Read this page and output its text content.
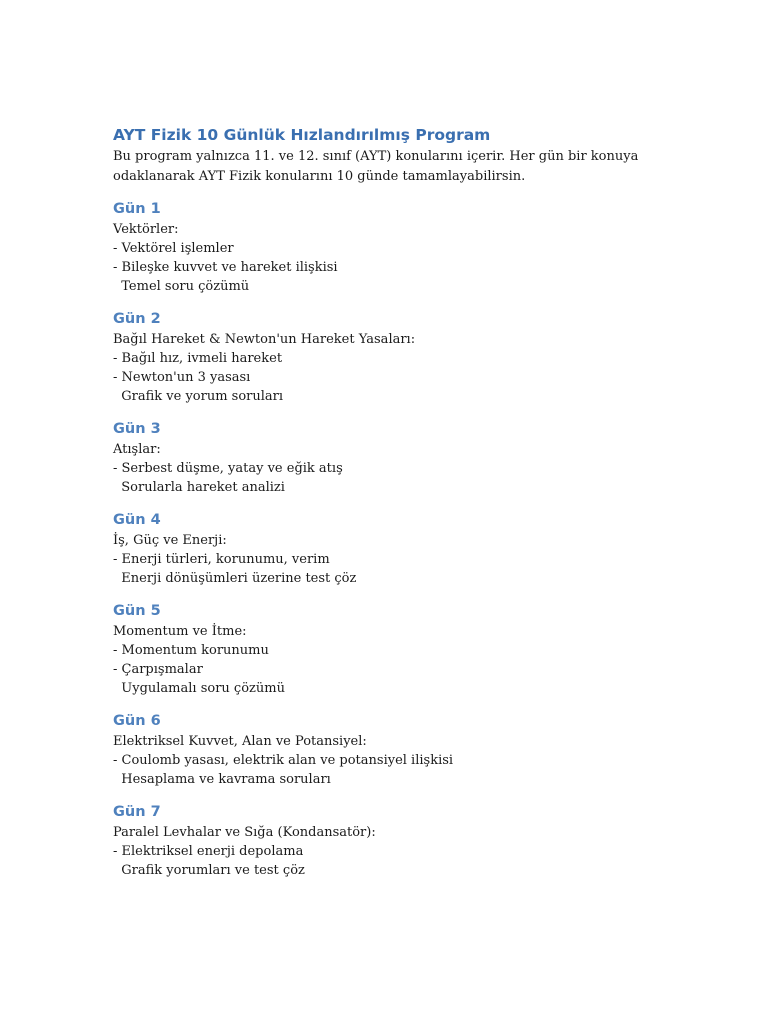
AYT Fizik 10 Günlük Hızlandırılmış Program

Bu program yalnızca 11. ve 12. sınıf (AYT) konularını içerir. Her gün bir konuya

odaklanarak AYT Fizik konularını 10 günde tamamlayabilirsin.

Gün 1

Vektörler:

- Vektörel işlemler

- Bileşke kuvvet ve hareket ilişkisi

Temel soru çözümü

Gün 2

Bağıl Hareket & Newton'un Hareket Yasaları:

- Bağıl hız, ivmeli hareket

- Newton'un 3 yasası

Grafik ve yorum soruları

Gün 3

Atışlar:

- Serbest düşme, yatay ve eğik atış

Sorularla hareket analizi

Gün 4

İş, Güç ve Enerji:

- Enerji türleri, korunumu, verim

Enerji dönüşümleri üzerine test çöz

Gün 5

Momentum ve İtme:

- Momentum korunumu

- Çarpışmalar

Uygulamalı soru çözümü

Gün 6

Elektriksel Kuvvet, Alan ve Potansiyel:

- Coulomb yasası, elektrik alan ve potansiyel ilişkisi

Hesaplama ve kavrama soruları

Gün 7

Paralel Levhalar ve Sığa (Kondansatör):

- Elektriksel enerji depolama

Grafik yorumları ve test çöz
